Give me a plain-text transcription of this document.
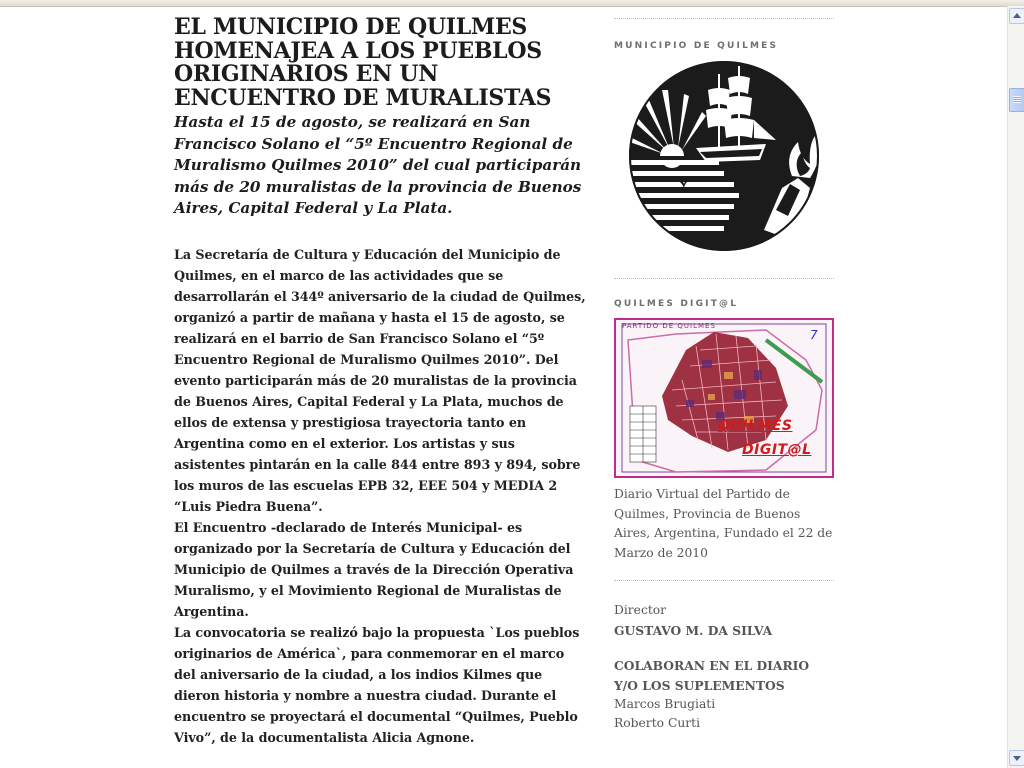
EL MUNICIPIO DE QUILMES HOMENAJEA A LOS PUEBLOS ORIGINARIOS EN UN ENCUENTRO DE MURALISTAS
Hasta el 15 de agosto, se realizará en San Francisco Solano el “5º Encuentro Regional de Muralismo Quilmes 2010” del cual participarán más de 20 muralistas de la provincia de Buenos Aires, Capital Federal y La Plata.

La Secretaría de Cultura y Educación del Municipio de Quilmes, en el marco de las actividades que se desarrollarán el 344º aniversario de la ciudad de Quilmes, organizó a partir de mañana y hasta el 15 de agosto, se realizará en el barrio de San Francisco Solano el “5º Encuentro Regional de Muralismo Quilmes 2010”. Del evento participarán más de 20 muralistas de la provincia de Buenos Aires, Capital Federal y La Plata, muchos de ellos de extensa y prestigiosa trayectoria tanto en Argentina como en el exterior. Los artistas y sus asistentes pintarán en la calle 844 entre 893 y 894, sobre los muros de las escuelas EPB 32, EEE 504 y MEDIA 2 “Luis Piedra Buena”.

El Encuentro -declarado de Interés Municipal- es organizado por la Secretaría de Cultura y Educación del Municipio de Quilmes a través de la Dirección Operativa Muralismo, y el Movimiento Regional de Muralistas de Argentina.

La convocatoria se realizó bajo la propuesta `Los pueblos originarios de América`, para conmemorar en el marco del aniversario de la ciudad, a los indios Kilmes que dieron historia y nombre a nuestra ciudad. Durante el encuentro se proyectará el documental “Quilmes, Pueblo Vivo”, de la documentalista Alicia Agnone.

MUNICIPIO DE QUILMES
QUILMES DIGIT@L
PARTIDO DE QUILMES
QUILMES
DIGIT@L
7

Diario Virtual del Partido de Quilmes, Provincia de Buenos Aires, Argentina, Fundado el 22 de Marzo de 2010

Director

GUSTAVO M. DA SILVA

COLABORAN EN EL DIARIO Y/O LOS SUPLEMENTOS

Marcos Brugiati

Roberto Curti
